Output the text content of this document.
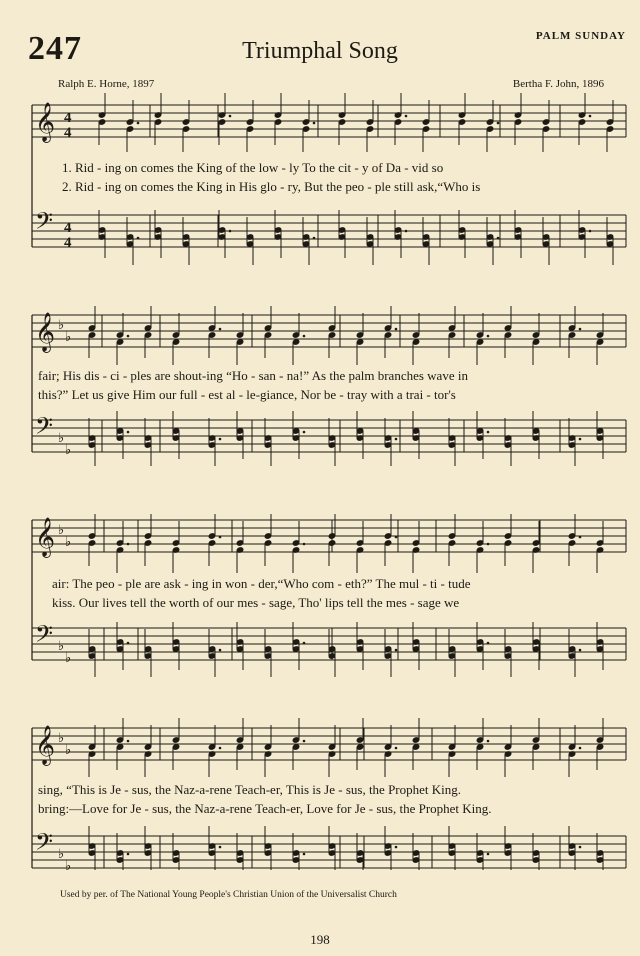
247	Triumphal Song
PALM SUNDAY
Ralph E. Horne, 1897	Bertha F. John, 1896
𝄞
𝄢
𝄞 ♭
♭
𝄢 ♭
♭
𝄞 ♭
♭
𝄢 ♭
♭
𝄞 ♭
♭
𝄢 ♭
♭
4
4
4
4
1. Rid - ing on comes the King of the low - ly To the cit - y of Da - vid so
2. Rid - ing on comes the King in His glo - ry, But the peo - ple still ask,“Who is
fair; His dis - ci - ples are shout-ing “Ho - san - na!” As the palm branches wave in
this?” Let us give Him our full - est al - le-giance, Nor be - tray with a trai - tor's
air: The peo - ple are ask - ing in won - der,“Who com - eth?” The mul - ti - tude
kiss. Our lives tell the worth of our mes - sage, Tho' lips tell the mes - sage we
sing, “This is Je - sus, the Naz-a-rene Teach-er, This is Je - sus, the Prophet King.
bring:—Love for Je - sus, the Naz-a-rene Teach-er, Love for Je - sus, the Prophet King.
Used by per. of The National Young People's Christian Union of the Universalist Church
198
